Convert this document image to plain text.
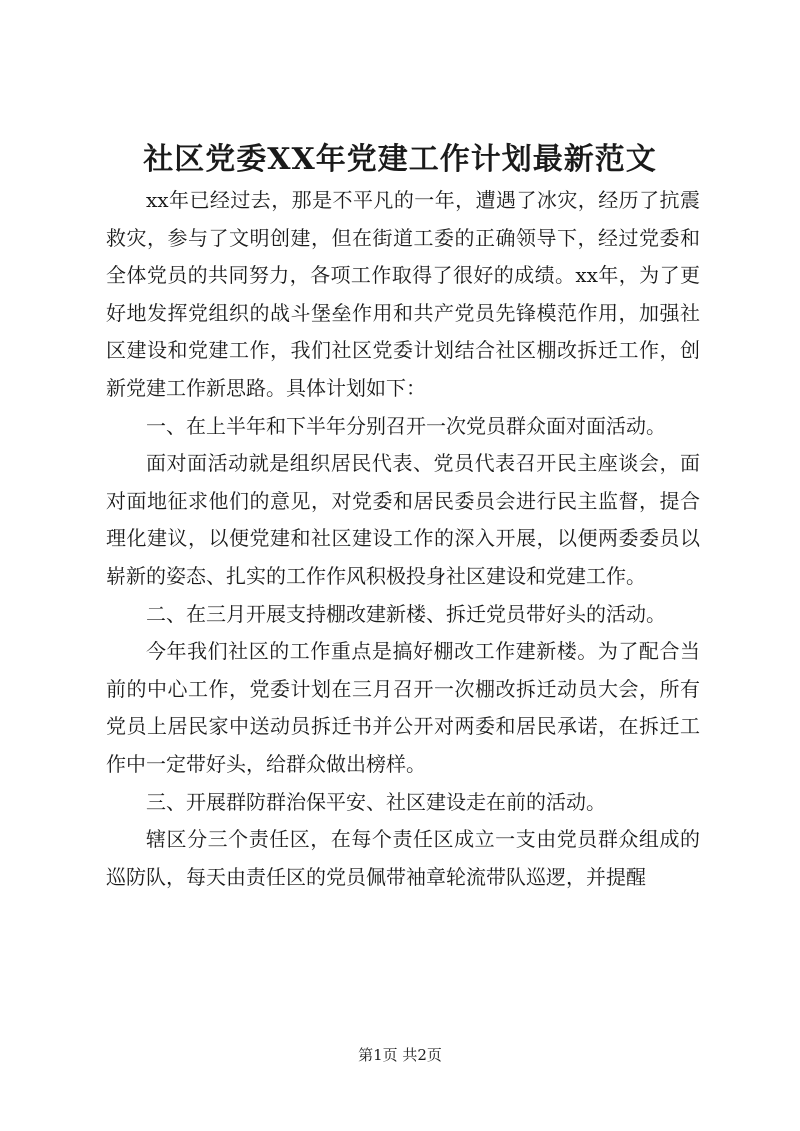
社区党委XX年党建工作计划最新范文

xx年已经过去，那是不平凡的一年，遭遇了冰灾，经历了抗震救灾，参与了文明创建，但在街道工委的正确领导下，经过党委和全体党员的共同努力，各项工作取得了很好的成绩。xx年，为了更好地发挥党组织的战斗堡垒作用和共产党员先锋模范作用，加强社区建设和党建工作，我们社区党委计划结合社区棚改拆迁工作，创新党建工作新思路。具体计划如下：

一、在上半年和下半年分别召开一次党员群众面对面活动。

面对面活动就是组织居民代表、党员代表召开民主座谈会，面对面地征求他们的意见，对党委和居民委员会进行民主监督，提合理化建议，以便党建和社区建设工作的深入开展，以便两委委员以崭新的姿态、扎实的工作作风积极投身社区建设和党建工作。

二、在三月开展支持棚改建新楼、拆迁党员带好头的活动。

今年我们社区的工作重点是搞好棚改工作建新楼。为了配合当前的中心工作，党委计划在三月召开一次棚改拆迁动员大会，所有党员上居民家中送动员拆迁书并公开对两委和居民承诺，在拆迁工作中一定带好头，给群众做出榜样。

三、开展群防群治保平安、社区建设走在前的活动。

辖区分三个责任区，在每个责任区成立一支由党员群众组成的巡防队，每天由责任区的党员佩带袖章轮流带队巡逻，并提醒

第1页 共2页
